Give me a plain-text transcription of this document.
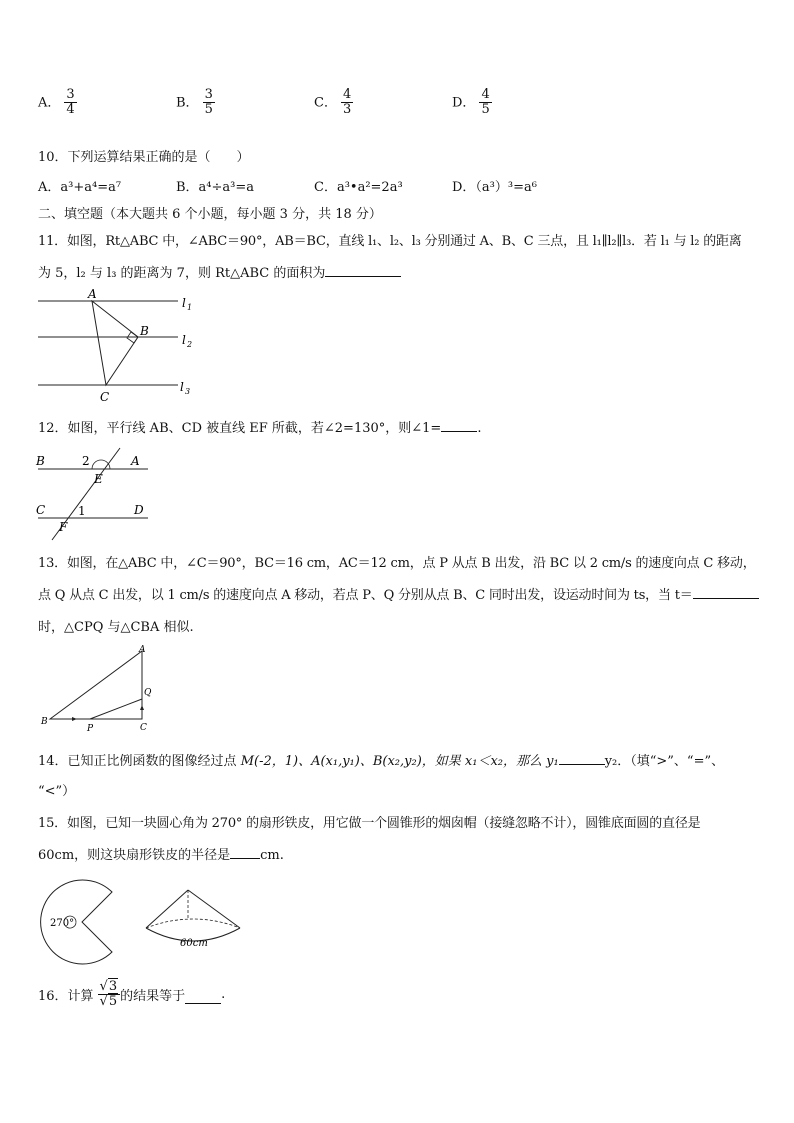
A． $\frac{3}{4}$	B． $\frac{3}{5}$	C． $\frac{4}{3}$	D． $\frac{4}{5}$
10．下列运算结果正确的是（　　）
A．a³+a⁴=a⁷	B．a⁴÷a³=a	C．a³•a²=2a³	D．（a³）³=a⁶
二、填空题（本大题共 6 个小题，每小题 3 分，共 18 分）
11．如图，Rt△ABC 中，∠ABC＝90°，AB＝BC，直线 l₁、l₂、l₃ 分别通过 A、B、C 三点，且 l₁∥l₂∥l₃．若 l₁ 与 l₂ 的距离
为 5，l₂ 与 l₃ 的距离为 7，则 Rt△ABC 的面积为
A
B
C
l 1
l 2
l 3
12．如图，平行线 AB、CD 被直线 EF 所截，若∠2=130°，则∠1=	.
B	A
E
C	D
F
1
2
13．如图，在△ABC 中，∠C＝90°，BC＝16 cm，AC＝12 cm，点 P 从点 B 出发，沿 BC 以 2 cm/s 的速度向点 C 移动，
点 Q 从点 C 出发，以 1 cm/s 的速度向点 A 移动，若点 P、Q 分别从点 B、C 同时出发，设运动时间为 ts，当 t＝
时，△CPQ 与△CBA 相似.
A
B
C
P
Q
14．已知正比例函数的图像经过点 M(-2，1)、A(x₁,y₁)、B(x₂,y₂)，如果 x₁＜x₂，那么 y₁	y₂．（填“>”、“=”、
“<”）
15．如图，已知一块圆心角为 270° 的扇形铁皮，用它做一个圆锥形的烟囱帽（接缝忽略不计），圆锥底面圆的直径是
60cm，则这块扇形铁皮的半径是 cm.
270°
60cm
16．计算 $\frac{√3}{√5}$ 的结果等于	.
